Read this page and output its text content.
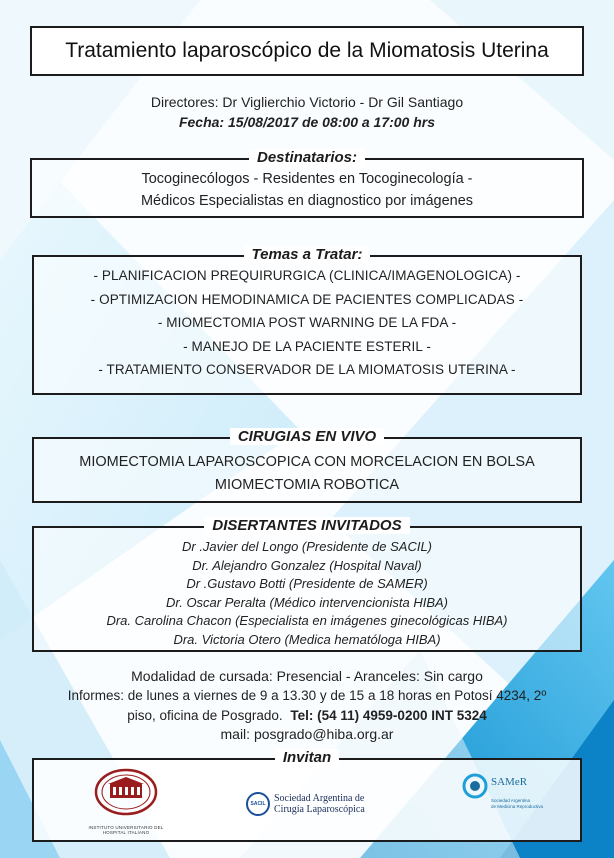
Tratamiento laparoscópico de la Miomatosis Uterina
Directores: Dr Viglierchio Victorio - Dr Gil Santiago
Fecha: 15/08/2017 de 08:00 a 17:00 hrs
Destinatarios:
Tocoginecólogos - Residentes en Tocoginecología -
Médicos Especialistas en diagnostico por imágenes
Temas a Tratar:
- PLANIFICACION PREQUIRURGICA (CLINICA/IMAGENOLOGICA) -
- OPTIMIZACION HEMODINAMICA DE PACIENTES COMPLICADAS -
- MIOMECTOMIA POST WARNING DE LA FDA -
- MANEJO DE LA PACIENTE ESTERIL -
- TRATAMIENTO CONSERVADOR DE LA MIOMATOSIS UTERINA -
CIRUGIAS EN VIVO
MIOMECTOMIA LAPAROSCOPICA CON MORCELACION EN BOLSA
MIOMECTOMIA ROBOTICA
DISERTANTES INVITADOS
Dr .Javier del Longo (Presidente de SACIL)
Dr. Alejandro Gonzalez (Hospital Naval)
Dr .Gustavo Botti (Presidente de SAMER)
Dr. Oscar Peralta (Médico intervencionista HIBA)
Dra. Carolina Chacon (Especialista en imágenes ginecológicas HIBA)
Dra. Victoria Otero (Medica hematóloga HIBA)
Modalidad de cursada: Presencial - Aranceles: Sin cargo
Informes: de lunes a viernes de 9 a 13.30 y de 15 a 18 horas en Potosí 4234, 2º
piso, oficina de Posgrado. Tel: (54 11) 4959-0200 INT 5324
mail: posgrado@hiba.org.ar
Invitan
INSTITUTO UNIVERSITARIO DEL HOSPITAL ITALIANO
SACIL Sociedad Argentina de
Cirugía Laparoscópica
SAMeR
Sociedad Argentina
de Medicina Reproductiva
